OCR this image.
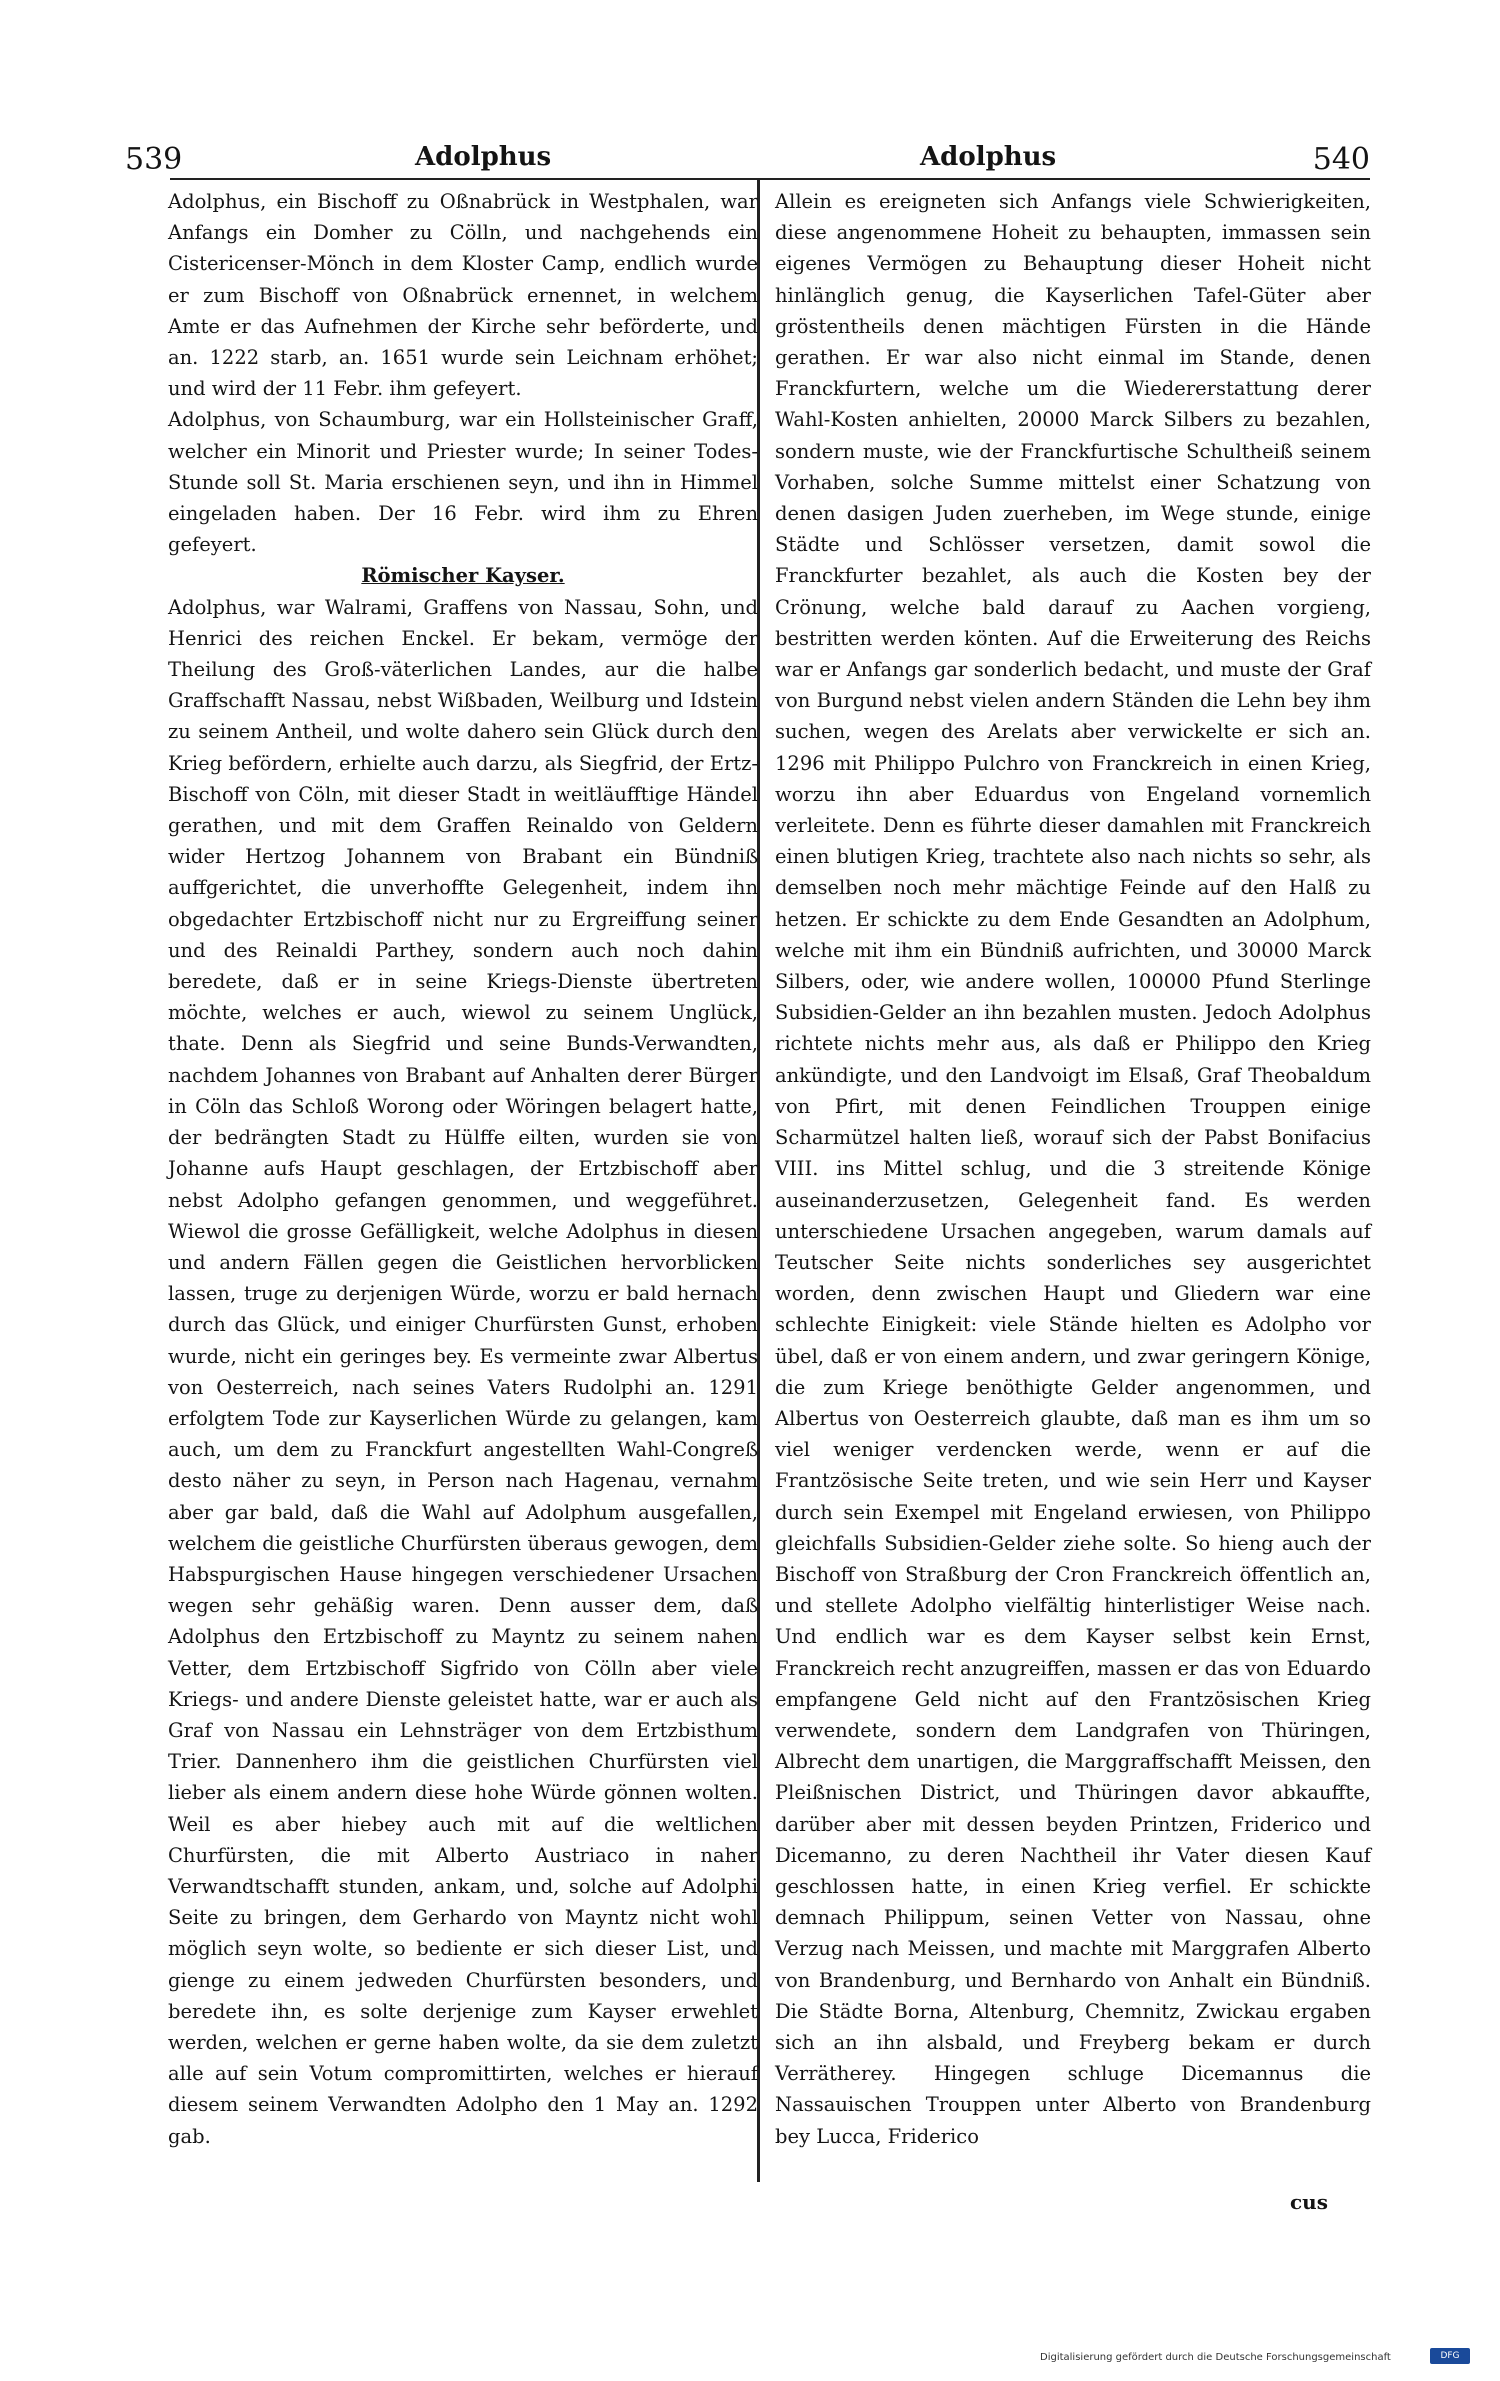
539	Adolphus	Adolphus	540

Adolphus, ein Bischoff zu Oßnabrück in Westphalen, war Anfangs ein Domher zu Cölln, und nachgehends ein Cistericenser-Mönch in dem Kloster Camp, endlich wurde er zum Bischoff von Oßnabrück ernennet, in welchem Amte er das Aufnehmen der Kirche sehr beförderte, und an. 1222 starb, an. 1651 wurde sein Leichnam erhöhet; und wird der 11 Febr. ihm gefeyert.

Adolphus, von Schaumburg, war ein Hollsteinischer Graff, welcher ein Minorit und Priester wurde; In seiner Todes-Stunde soll St. Maria erschienen seyn, und ihn in Himmel eingeladen haben. Der 16 Febr. wird ihm zu Ehren gefeyert.

Römischer Kayser.

Adolphus, war Walrami, Graffens von Nassau, Sohn, und Henrici des reichen Enckel. Er bekam, vermöge der Theilung des Groß-väterlichen Landes, aur die halbe Graffschafft Nassau, nebst Wißbaden, Weilburg und Idstein zu seinem Antheil, und wolte dahero sein Glück durch den Krieg befördern, erhielte auch darzu, als Siegfrid, der Ertz-Bischoff von Cöln, mit dieser Stadt in weitläufftige Händel gerathen, und mit dem Graffen Reinaldo von Geldern wider Hertzog Johannem von Brabant ein Bündniß auffgerichtet, die unverhoffte Gelegenheit, indem ihn obgedachter Ertzbischoff nicht nur zu Ergreiffung seiner und des Reinaldi Parthey, sondern auch noch dahin beredete, daß er in seine Kriegs-Dienste übertreten möchte, welches er auch, wiewol zu seinem Unglück, thate. Denn als Siegfrid und seine Bunds-Verwandten, nachdem Johannes von Brabant auf Anhalten derer Bürger in Cöln das Schloß Worong oder Wöringen belagert hatte, der bedrängten Stadt zu Hülffe eilten, wurden sie von Johanne aufs Haupt geschlagen, der Ertzbischoff aber nebst Adolpho gefangen genommen, und weggeführet. Wiewol die grosse Gefälligkeit, welche Adolphus in diesen und andern Fällen gegen die Geistlichen hervorblicken lassen, truge zu derjenigen Würde, worzu er bald hernach durch das Glück, und einiger Churfürsten Gunst, erhoben wurde, nicht ein geringes bey. Es vermeinte zwar Albertus von Oesterreich, nach seines Vaters Rudolphi an. 1291 erfolgtem Tode zur Kayserlichen Würde zu gelangen, kam auch, um dem zu Franckfurt angestellten Wahl-Congreß desto näher zu seyn, in Person nach Hagenau, vernahm aber gar bald, daß die Wahl auf Adolphum ausgefallen, welchem die geistliche Churfürsten überaus gewogen, dem Habspurgischen Hause hingegen verschiedener Ursachen wegen sehr gehäßig waren. Denn ausser dem, daß Adolphus den Ertzbischoff zu Mayntz zu seinem nahen Vetter, dem Ertzbischoff Sigfrido von Cölln aber viele Kriegs- und andere Dienste geleistet hatte, war er auch als Graf von Nassau ein Lehnsträger von dem Ertzbisthum Trier. Dannenhero ihm die geistlichen Churfürsten viel lieber als einem andern diese hohe Würde gönnen wolten. Weil es aber hiebey auch mit auf die weltlichen Churfürsten, die mit Alberto Austriaco in naher Verwandtschafft stunden, ankam, und, solche auf Adolphi Seite zu bringen, dem Gerhardo von Mayntz nicht wohl möglich seyn wolte, so bediente er sich dieser List, und gienge zu einem jedweden Churfürsten besonders, und beredete ihn, es solte derjenige zum Kayser erwehlet werden, welchen er gerne haben wolte, da sie dem zuletzt alle auf sein Votum compromittirten, welches er hierauf diesem seinem Verwandten Adolpho den 1 May an. 1292 gab.

Allein es ereigneten sich Anfangs viele Schwierigkeiten, diese angenommene Hoheit zu behaupten, immassen sein eigenes Vermögen zu Behauptung dieser Hoheit nicht hinlänglich genug, die Kayserlichen Tafel-Güter aber gröstentheils denen mächtigen Fürsten in die Hände gerathen. Er war also nicht einmal im Stande, denen Franckfurtern, welche um die Wiedererstattung derer Wahl-Kosten anhielten, 20000 Marck Silbers zu bezahlen, sondern muste, wie der Franckfurtische Schultheiß seinem Vorhaben, solche Summe mittelst einer Schatzung von denen dasigen Juden zuerheben, im Wege stunde, einige Städte und Schlösser versetzen, damit sowol die Franckfurter bezahlet, als auch die Kosten bey der Crönung, welche bald darauf zu Aachen vorgieng, bestritten werden könten. Auf die Erweiterung des Reichs war er Anfangs gar sonderlich bedacht, und muste der Graf von Burgund nebst vielen andern Ständen die Lehn bey ihm suchen, wegen des Arelats aber verwickelte er sich an. 1296 mit Philippo Pulchro von Franckreich in einen Krieg, worzu ihn aber Eduardus von Engeland vornemlich verleitete. Denn es führte dieser damahlen mit Franckreich einen blutigen Krieg, trachtete also nach nichts so sehr, als demselben noch mehr mächtige Feinde auf den Halß zu hetzen. Er schickte zu dem Ende Gesandten an Adolphum, welche mit ihm ein Bündniß aufrichten, und 30000 Marck Silbers, oder, wie andere wollen, 100000 Pfund Sterlinge Subsidien-Gelder an ihn bezahlen musten. Jedoch Adolphus richtete nichts mehr aus, als daß er Philippo den Krieg ankündigte, und den Landvoigt im Elsaß, Graf Theobaldum von Pfirt, mit denen Feindlichen Trouppen einige Scharmützel halten ließ, worauf sich der Pabst Bonifacius VIII. ins Mittel schlug, und die 3 streitende Könige auseinanderzusetzen, Gelegenheit fand. Es werden unterschiedene Ursachen angegeben, warum damals auf Teutscher Seite nichts sonderliches sey ausgerichtet worden, denn zwischen Haupt und Gliedern war eine schlechte Einigkeit: viele Stände hielten es Adolpho vor übel, daß er von einem andern, und zwar geringern Könige, die zum Kriege benöthigte Gelder angenommen, und Albertus von Oesterreich glaubte, daß man es ihm um so viel weniger verdencken werde, wenn er auf die Frantzösische Seite treten, und wie sein Herr und Kayser durch sein Exempel mit Engeland erwiesen, von Philippo gleichfalls Subsidien-Gelder ziehe solte. So hieng auch der Bischoff von Straßburg der Cron Franckreich öffentlich an, und stellete Adolpho vielfältig hinterlistiger Weise nach. Und endlich war es dem Kayser selbst kein Ernst, Franckreich recht anzugreiffen, massen er das von Eduardo empfangene Geld nicht auf den Frantzösischen Krieg verwendete, sondern dem Landgrafen von Thüringen, Albrecht dem unartigen, die Marggraffschafft Meissen, den Pleißnischen District, und Thüringen davor abkauffte, darüber aber mit dessen beyden Printzen, Friderico und Dicemanno, zu deren Nachtheil ihr Vater diesen Kauf geschlossen hatte, in einen Krieg verfiel. Er schickte demnach Philippum, seinen Vetter von Nassau, ohne Verzug nach Meissen, und machte mit Marggrafen Alberto von Brandenburg, und Bernhardo von Anhalt ein Bündniß. Die Städte Borna, Altenburg, Chemnitz, Zwickau ergaben sich an ihn alsbald, und Freyberg bekam er durch Verrätherey. Hingegen schluge Dicemannus die Nassauischen Trouppen unter Alberto von Brandenburg bey Lucca, Friderico

cus
Digitalisierung gefördert durch die Deutsche Forschungsgemeinschaft	DFG
